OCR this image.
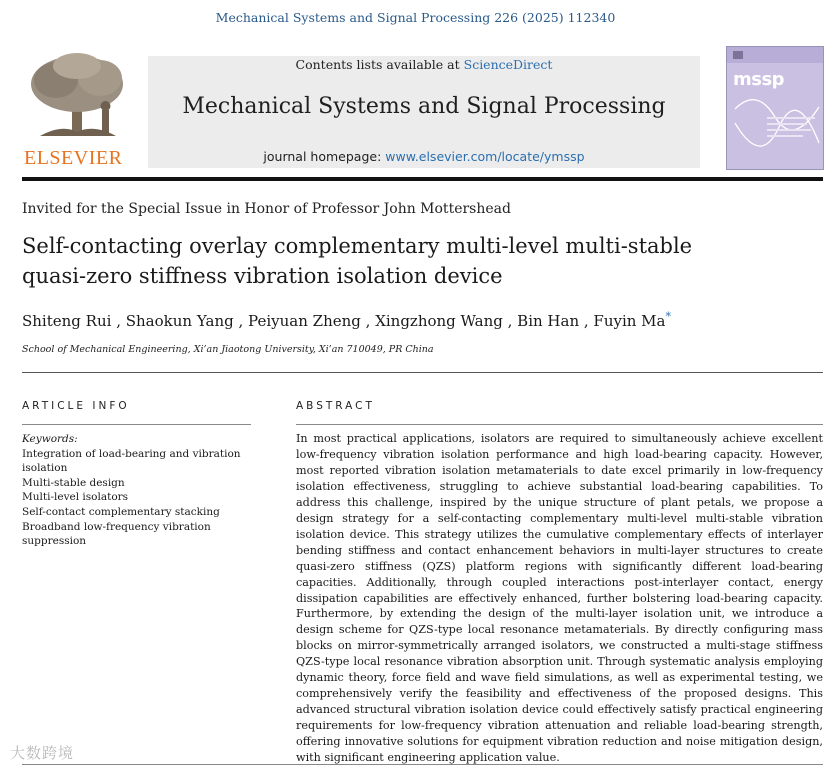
Mechanical Systems and Signal Processing 226 (2025) 112340
ELSEVIER
Contents lists available at ScienceDirect
Mechanical Systems and Signal Processing
journal homepage: www.elsevier.com/locate/ymssp
mssp
Invited for the Special Issue in Honor of Professor John Mottershead
Self-contacting overlay complementary multi-level multi-stable quasi-zero stiffness vibration isolation device
Shiteng Rui , Shaokun Yang , Peiyuan Zheng , Xingzhong Wang , Bin Han , Fuyin Ma*
School of Mechanical Engineering, Xi’an Jiaotong University, Xi’an 710049, PR China
ARTICLE INFO	ABSTRACT
Keywords:
Integration of load-bearing and vibration isolation
Multi-stable design
Multi-level isolators
Self-contact complementary stacking
Broadband low-frequency vibration suppression
In most practical applications, isolators are required to simultaneously achieve excellent low-frequency vibration isolation performance and high load-bearing capacity. However, most reported vibration isolation metamaterials to date excel primarily in low-frequency isolation effectiveness, struggling to achieve substantial load-bearing capabilities. To address this challenge, inspired by the unique structure of plant petals, we propose a design strategy for a self-contacting complementary multi-level multi-stable vibration isolation device. This strategy utilizes the cumulative complementary effects of interlayer bending stiffness and contact enhancement behaviors in multi-layer structures to create quasi-zero stiffness (QZS) platform regions with significantly different load-bearing capacities. Additionally, through coupled interactions post-interlayer contact, energy dissipation capabilities are effectively enhanced, further bolstering load-bearing capacity. Furthermore, by extending the design of the multi-layer isolation unit, we introduce a design scheme for QZS-type local resonance metamaterials. By directly configuring mass blocks on mirror-symmetrically arranged isolators, we constructed a multi-stage stiffness QZS-type local resonance vibration absorption unit. Through systematic analysis employing dynamic theory, force field and wave field simulations, as well as experimental testing, we comprehensively verify the feasibility and effectiveness of the proposed designs. This advanced structural vibration isolation device could effectively satisfy practical engineering requirements for low-frequency vibration attenuation and reliable load-bearing strength, offering innovative solutions for equipment vibration reduction and noise mitigation design, with significant engineering application value.
大数跨境
